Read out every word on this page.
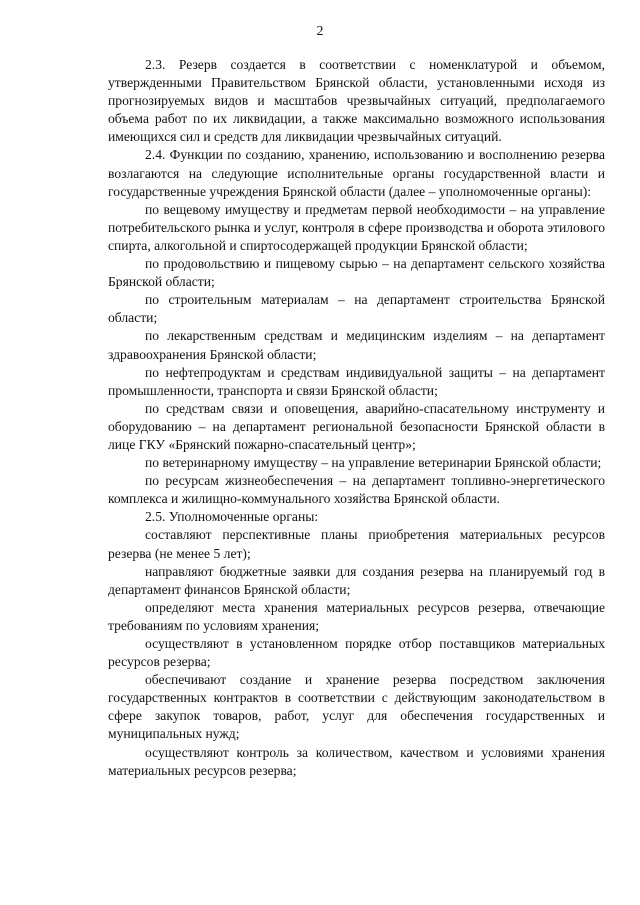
2

2.3. Резерв создается в соответствии с номенклатурой и объемом, утвержденными Правительством Брянской области, установленными исходя из прогнозируемых видов и масштабов чрезвычайных ситуаций, предполагаемого объема работ по их ликвидации, а также максимально возможного использования имеющихся сил и средств для ликвидации чрезвычайных ситуаций.

2.4. Функции по созданию, хранению, использованию и восполнению резерва возлагаются на следующие исполнительные органы государственной власти и государственные учреждения Брянской области (далее – уполномоченные органы):

по вещевому имуществу и предметам первой необходимости – на управление потребительского рынка и услуг, контроля в сфере производства и оборота этилового спирта, алкогольной и спиртосодержащей продукции Брянской области;

по продовольствию и пищевому сырью – на департамент сельского хозяйства Брянской области;

по строительным материалам – на департамент строительства Брянской области;

по лекарственным средствам и медицинским изделиям – на департамент здравоохранения Брянской области;

по нефтепродуктам и средствам индивидуальной защиты – на департамент промышленности, транспорта и связи Брянской области;

по средствам связи и оповещения, аварийно-спасательному инструменту и оборудованию – на департамент региональной безопасности Брянской области в лице ГКУ «Брянский пожарно-спасательный центр»;

по ветеринарному имуществу – на управление ветеринарии Брянской области;

по ресурсам жизнеобеспечения – на департамент топливно-энергетического комплекса и жилищно-коммунального хозяйства Брянской области.

2.5. Уполномоченные органы:

составляют перспективные планы приобретения материальных ресурсов резерва (не менее 5 лет);

направляют бюджетные заявки для создания резерва на планируемый год в департамент финансов Брянской области;

определяют места хранения материальных ресурсов резерва, отвечающие требованиям по условиям хранения;

осуществляют в установленном порядке отбор поставщиков материальных ресурсов резерва;

обеспечивают создание и хранение резерва посредством заключения государственных контрактов в соответствии с действующим законодательством в сфере закупок товаров, работ, услуг для обеспечения государственных и муниципальных нужд;

осуществляют контроль за количеством, качеством и условиями хранения материальных ресурсов резерва;
